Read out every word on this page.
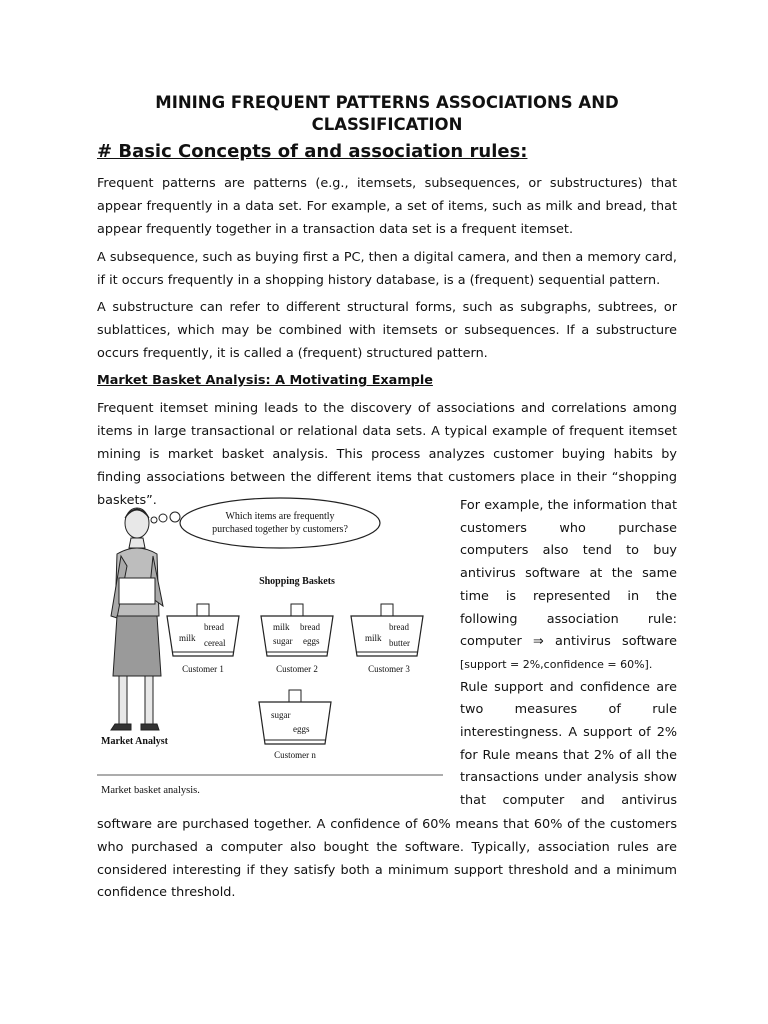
MINING FREQUENT PATTERNS ASSOCIATIONS AND
CLASSIFICATION
# Basic Concepts of and association rules:

Frequent patterns are patterns (e.g., itemsets, subsequences, or substructures) that appear frequently in a data set. For example, a set of items, such as milk and bread, that appear frequently together in a transaction data set is a frequent itemset.

A subsequence, such as buying first a PC, then a digital camera, and then a memory card, if it occurs frequently in a shopping history database, is a (frequent) sequential pattern.

A substructure can refer to different structural forms, such as subgraphs, subtrees, or sublattices, which may be combined with itemsets or subsequences. If a substructure occurs frequently, it is called a (frequent) structured pattern.

Market Basket Analysis: A Motivating Example

Frequent itemset mining leads to the discovery of associations and correlations among items in large transactional or relational data sets. A typical example of frequent itemset mining is market basket analysis. This process analyzes customer buying habits by finding associations between the different items that customers place in their “shopping baskets”.

Which items are frequently
purchased together by customers?
Market Analyst
Shopping Baskets
milk
bread
cereal
Customer 1
milk bread
sugar eggs
Customer 2
milk
bread
butter
Customer 3
sugar
eggs
Customer n
Market basket analysis.
For example, the information that
customers who purchase
computers also tend to buy
antivirus software at the same
time is represented in the
following association rule:
computer ⇒ antivirus software
[support = 2%,confidence = 60%].
Rule support and confidence are
two measures of rule
interestingness. A support of 2%
for Rule means that 2% of all the
transactions under analysis show
that computer and antivirus

software are purchased together. A confidence of 60% means that 60% of the customers who purchased a computer also bought the software. Typically, association rules are considered interesting if they satisfy both a minimum support threshold and a minimum confidence threshold.
